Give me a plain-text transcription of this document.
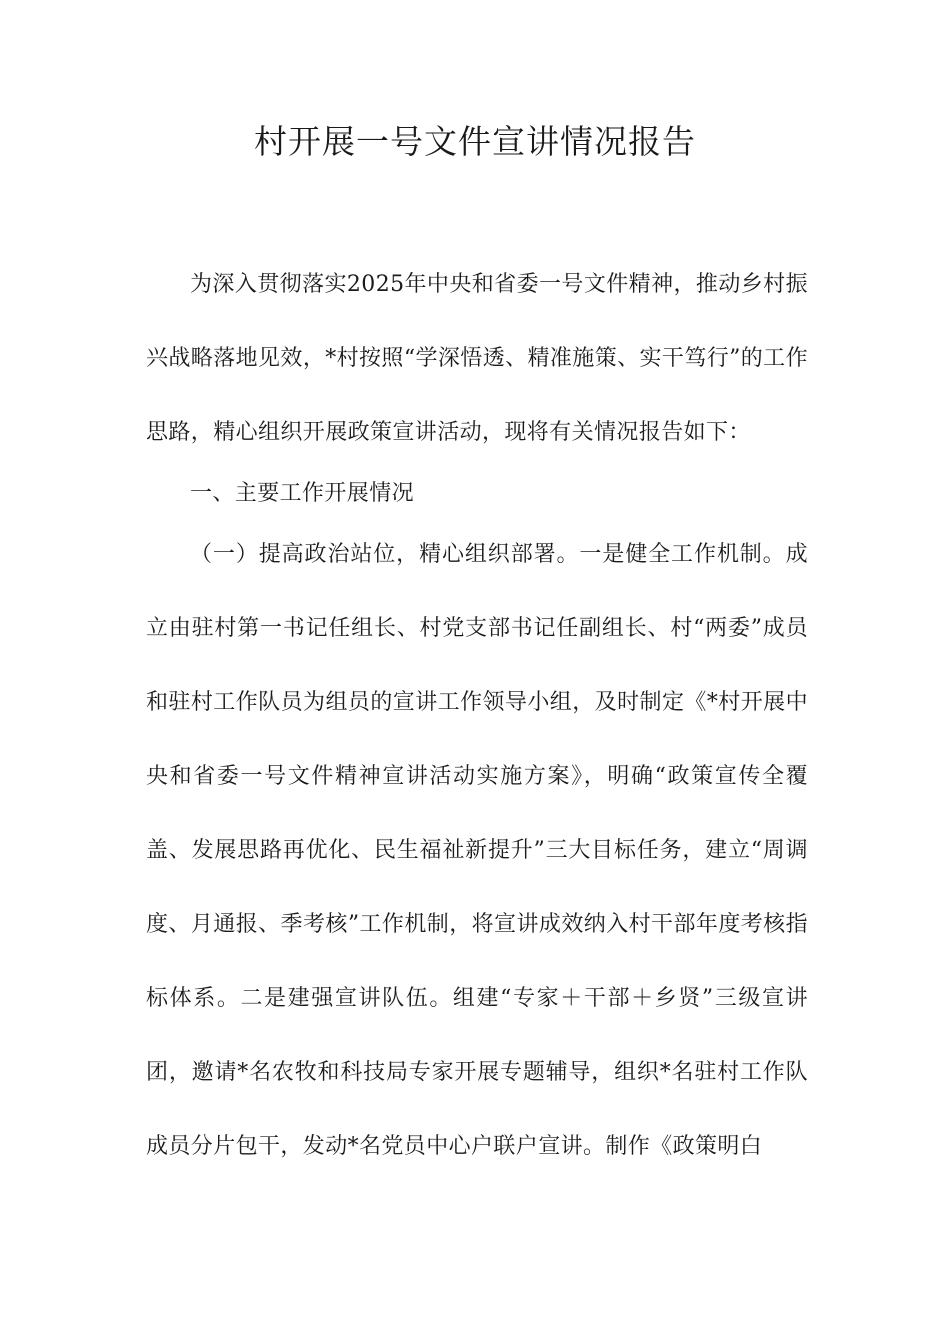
村开展一号文件宣讲情况报告

为深入贯彻落实2025年中央和省委一号文件精神，推动乡村振兴战略落地见效，*村按照“学深悟透、精准施策、实干笃行”的工作思路，精心组织开展政策宣讲活动，现将有关情况报告如下：

一、主要工作开展情况

（一）提高政治站位，精心组织部署。一是健全工作机制。成立由驻村第一书记任组长、村党支部书记任副组长、村“两委”成员和驻村工作队员为组员的宣讲工作领导小组，及时制定《*村开展中央和省委一号文件精神宣讲活动实施方案》，明确“政策宣传全覆盖、发展思路再优化、民生福祉新提升”三大目标任务，建立“周调度、月通报、季考核”工作机制，将宣讲成效纳入村干部年度考核指标体系。二是建强宣讲队伍。组建“专家＋干部＋乡贤”三级宣讲团，邀请*名农牧和科技局专家开展专题辅导，组织*名驻村工作队成员分片包干，发动*名党员中心户联户宣讲。制作《政策明白
